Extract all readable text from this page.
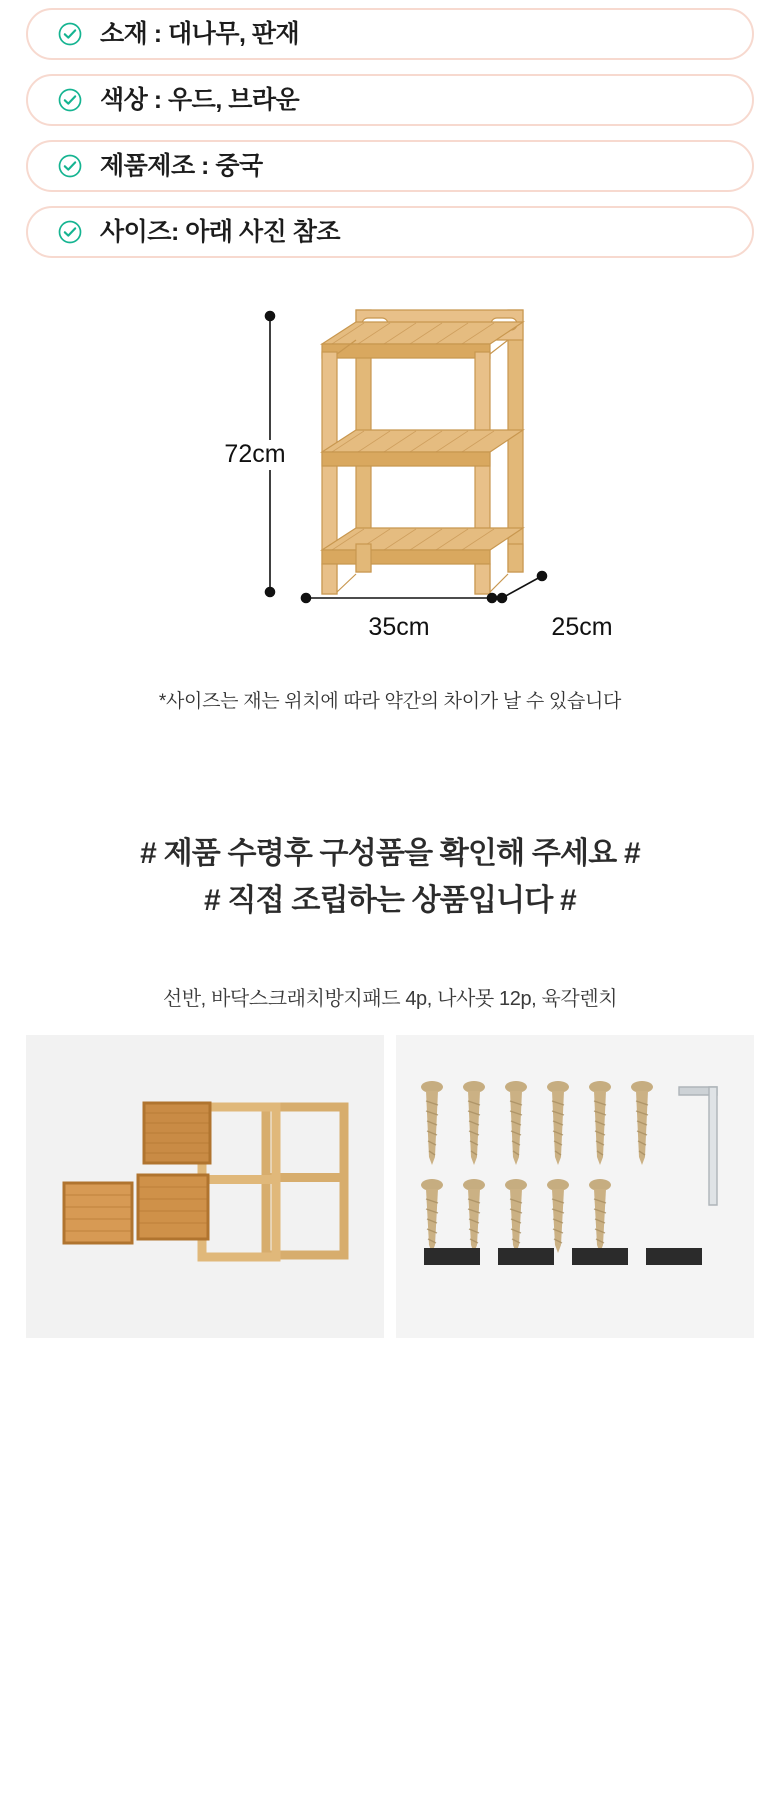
소재 : 대나무, 판재
색상 : 우드, 브라운
제품제조 : 중국
사이즈: 아래 사진 참조
72cm
35cm	25cm
*사이즈는 재는 위치에 따라 약간의 차이가 날 수 있습니다
# 제품 수령후 구성품을 확인해 주세요 #
# 직접 조립하는 상품입니다 #
선반, 바닥스크래치방지패드 4p, 나사못 12p, 육각렌치
